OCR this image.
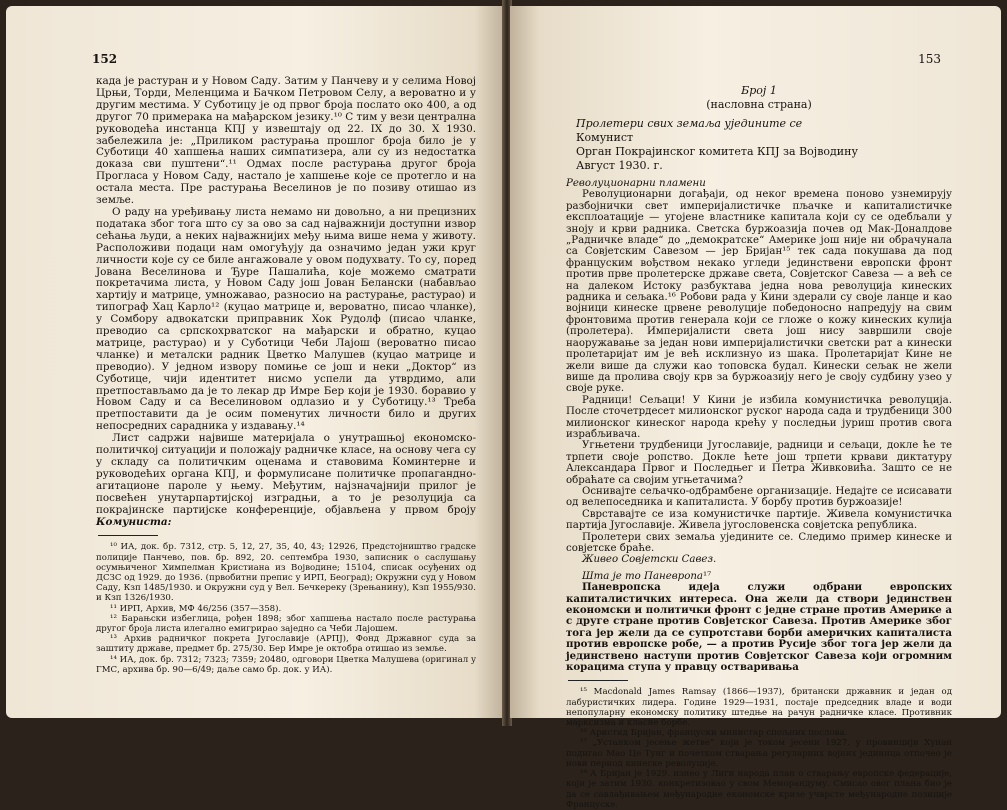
152

када је растуран и у Новом Саду. Затим у Панчеву и у селима Новој Црњи, Торди, Меленцима и Бачком Петровом Селу, а вероватно и у другим местима. У Суботицу је од првог броја послато око 400, а од другог 70 примерака на мађарском језику.¹⁰ С тим у вези централна руководећа инстанца КПЈ у извештају од 22. IX до 30. X 1930. забележила је: „Приликом растурања прошлог броја било је у Суботици 40 хапшења наших симпатизера, али су из недостатка доказа сви пуштени“.¹¹ Одмах после растурања другог броја Прогласа у Новом Саду, настало је хапшење које се протегло и на остала места. Пре растурања Веселинов је по позиву отишао из земље.

О раду на уређивању листа немамо ни довољно, а ни прецизних података због тога што су за ово за сад најважнији доступни извор сећања људи, а неких најважнијих међу њима више нема у животу. Расположиви подаци нам омогућују да означимо један ужи круг личности које су се биле ангажовале у овом подухвату. То су, поред Јована Веселинова и Ђуре Пашалића, које можемо сматрати покретачима листа, у Новом Саду још Јован Белански (набављао хартију и матрице, умножавао, разносио на растурање, растурао) и типограф Хац Карло¹² (куцао матрице и, вероватно, писао чланке), у Сомбору адвокатски приправник Хок Рудолф (писао чланке, преводио са српскохрватског на мађарски и обратно, куцао матрице, растурао) и у Суботици Чеби Лајош (вероватно писао чланке) и металски радник Цветко Малушев (куцао матрице и преводио). У једном извору помиње се још и неки „Доктор“ из Суботице, чији идентитет нисмо успели да утврдимо, али претпостављамо да је то лекар др Имре Бер који је 1930. боравио у Новом Саду и са Веселиновом одлазио и у Суботицу.¹³ Треба претпоставити да је осим поменутих личности било и других непосредних сарадника у издавању.¹⁴

Лист садржи највише материјала о унутрашњој економско-политичкој ситуацији и положају радничке класе, на основу чега су у складу са политичким оценама и ставовима Коминтерне и руководећих органа КПЈ, и формулисане политичке пропагандно-агитационе пароле у њему. Међутим, најзначајнији прилог је посвећен унутарпартијској изградњи, а то је резолуција са покрајинске партијске конференције, објављена у првом броју Комуниста:

¹⁰ ИА, док. бр. 7312, стр. 5, 12, 27, 35, 40, 43; 12926, Предстојништво градске полиције Панчево, пов. бр. 892, 20. септембра 1930, записник о саслушању осумњиченог Химпелман Кристиана из Војводине; 15104, списак осуђених од ДСЗС од 1929. до 1936. (првобитни препис у ИРП, Београд); Окружни суд у Новом Саду, Кзп 1485/1930. и Окружни суд у Вел. Бечкереку (Зрењанину), Кзп 1955/930. и Кзп 1326/1930.

¹¹ ИРП, Архив, МФ 46/256 (357—358).

¹² Барањски избеглица, рођен 1898; због хапшења настало после растурања другог броја листа илегално емигрирао заједно са Чеби Лајошем.

¹³ Архив радничког покрета Југославије (АРПЈ), Фонд Државног суда за заштиту државе, предмет бр. 275/30. Бер Имре је октобра отишао из земље.

¹⁴ ИА, док. бр. 7312; 7323; 7359; 20480, одговори Цветка Малушева (оригинал у ГМС, архива бр. 90—6/49; даље само бр. док. у ИА).

153

Број 1

(насловна страна)

Пролетери свих земаља уједините се

Комунист

Орган Покрајинског комитета КПЈ за Војводину

Август 1930. г.

Револуционарни пламени

Револуционарни догађаји, од неког времена поново узнемирују разбојнички свет империјалистичке пљачке и капиталистичке експлоатације — угојене властнике капитала који су се одебљали у зноју и крви радника. Светска буржоазија почев од Мак-Доналдове „Радничке владе“ до „демократске“ Америке још није ни обрачунала са Совјетским Савезом — јер Бријан¹⁵ тек сада покушава да под француским вођством некако угледи јединствени европски фронт против прве пролетерске државе света, Совјетског Савеза — а већ се на далеком Истоку разбуктава једна нова револуција кинеских радника и сељака.¹⁶ Робови рада у Кини здерали су своје ланце и као војници кинеске црвене револуције победоносно напредују на свим фронтовима против генерала који се гложе о кожу кинеских кулија (пролетера). Империјалисти света још нису завршили своје наоружавање за један нови империјалистички светски рат а кинески пролетаријат им је већ исклизнуо из шака. Пролетаријат Кине не жели више да служи као топовска будал. Кинески сељак не жели више да пролива своју крв за буржоазију него је своју судбину узео у своје руке.

Радници! Сељаци! У Кини је избила комунистичка револуција. После сточетрдесет милионског руског народа сада и трудбеници 300 милионског кинеског народа крећу у последњи јуриш против свога израбљивача.

Угњетени трудбеници Југославије, радници и сељаци, докле ће те трпети своје ропство. Докле ћете још трпети крвави диктатуру Александара Првог и Последњег и Петра Живковића. Зашто се не обраћате са својим угњетачима?

Оснивајте сељачко-одбрамбене организације. Недајте се исисавати од велепоседника и капиталиста. У борбу против буржоазије!

Сврставајте се иза комунистичке партије. Живела комунистичка партија Југославије. Живела југословенска совјетска република.

Пролетери свих земаља уједините се. Следимо пример кинеске и совјетске браће.

Живео Совјетски Савез.

Шта је то Паневропа¹⁷

Паневропска идеја служи одбрани европских капиталистичких интереса. Она жели да створи јединствен економски и политички фронт с једне стране против Америке а с друге стране против Совјетског Савеза. Против Америке због тога јер жели да се супротстави борби америчких капиталиста против европске робе, — а против Русије због тога јер жели да јединствено наступи против Совјетског Савеза који огромним корацима ступа у правцу остваривања

¹⁵ Macdonald James Ramsay (1866—1937), британски државник и један од лабуристичких лидера. Године 1929—1931, постаје председник владе и води непопуларну економску политику штедње на рачун радничке класе. Противник марксизма и класне борбе.

¹⁶ Аристид Бријан, француски министар спољних послова.

¹⁷ „Устанком јесење жетве“ који је током јесени 1927. у провинцији Хунан подигао Мао Це Тунг и почетком стварања регуларних војних јединица отпочео је нови период кинеске револуције.

¹⁸ А Бријан је 1929. изнео у Лиги народа план о стварању европске федерације, који је затим 1930. конкретизовао у свом Меморандуму. Смисао овог плана био је да се савлађивањем међународне економске кризе учврсте међународне позиције Француске.
